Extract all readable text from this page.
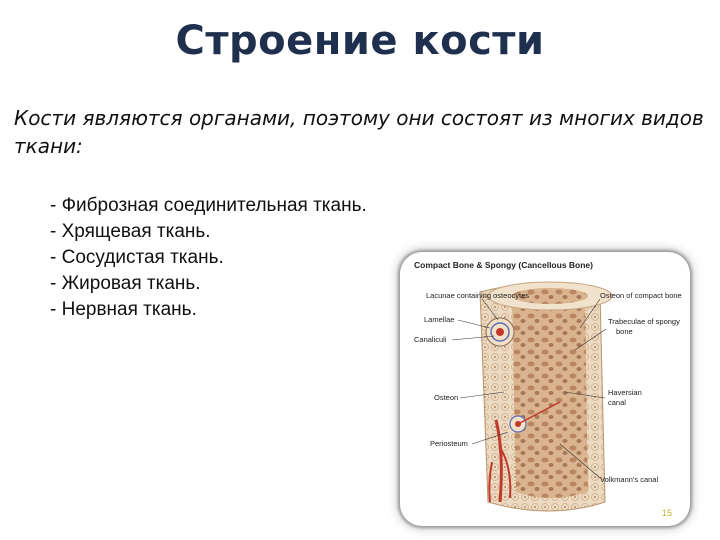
Строение кости

Кости являются органами, поэтому они состоят из многих видов ткани:

- Фиброзная соединительная ткань.
- Хрящевая ткань.
- Сосудистая ткань.
- Жировая ткань.
- Нервная ткань.
Compact Bone & Spongy (Cancellous Bone)
Lacunae containing osteocytes
Lamellae
Canaliculi
Osteon
Periosteum
Osteon of compact bone
Trabeculae of spongy
bone
Haversian
canal
Volkmann's canal
15
